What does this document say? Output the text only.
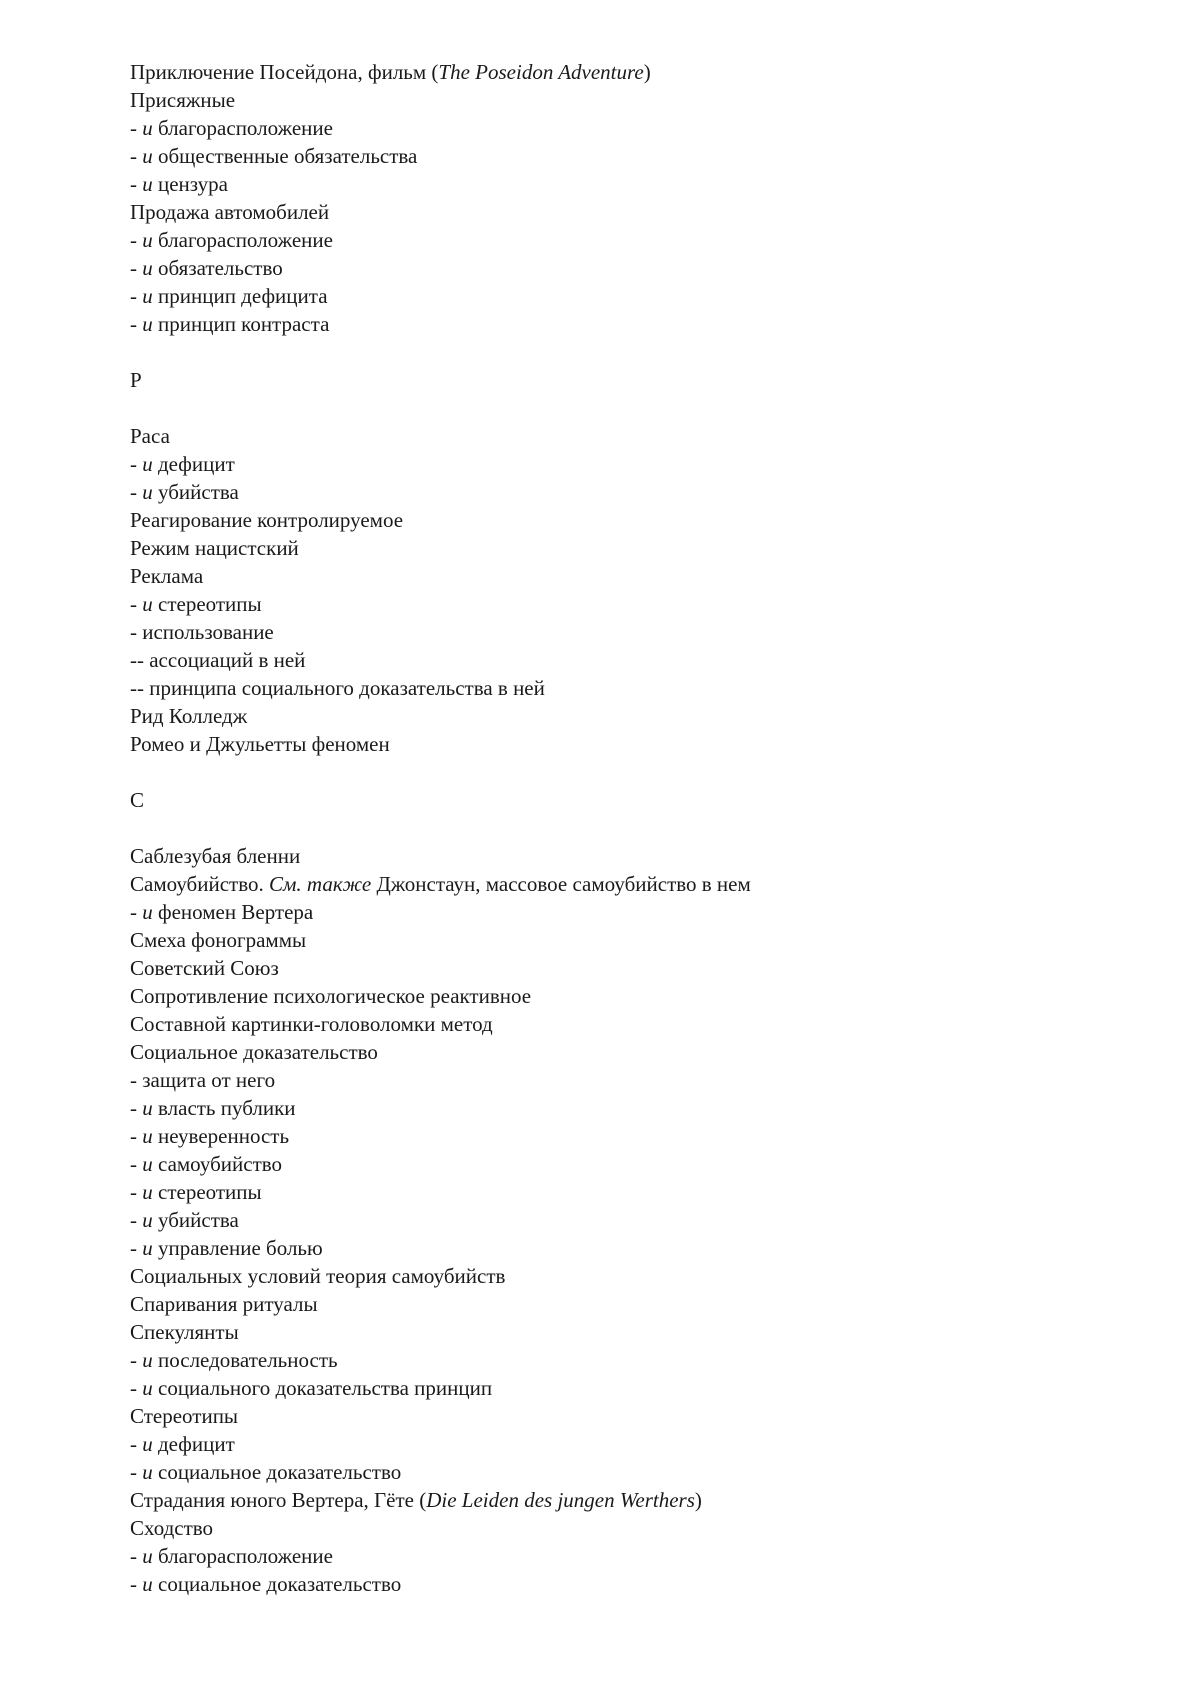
Приключение Посейдона, фильм (The Poseidon Adventure)
Присяжные
- и благорасположение
- и общественные обязательства
- и цензура
Продажа автомобилей
- и благорасположение
- и обязательство
- и принцип дефицита
- и принцип контраста
Р
Раса
- и дефицит
- и убийства
Реагирование контролируемое
Режим нацистский
Реклама
- и стереотипы
- использование
-- ассоциаций в ней
-- принципа социального доказательства в ней
Рид Колледж
Ромео и Джульетты феномен
С
Саблезубая бленни
Самоубийство. См. также Джонстаун, массовое самоубийство в нем
- и феномен Вертера
Смеха фонограммы
Советский Союз
Сопротивление психологическое реактивное
Составной картинки-головоломки метод
Социальное доказательство
- защита от него
- и власть публики
- и неуверенность
- и самоубийство
- и стереотипы
- и убийства
- и управление болью
Социальных условий теория самоубийств
Спаривания ритуалы
Спекулянты
- и последовательность
- и социального доказательства принцип
Стереотипы
- и дефицит
- и социальное доказательство
Страдания юного Вертера, Гёте (Die Leiden des jungen Werthers)
Сходство
- и благорасположение
- и социальное доказательство
